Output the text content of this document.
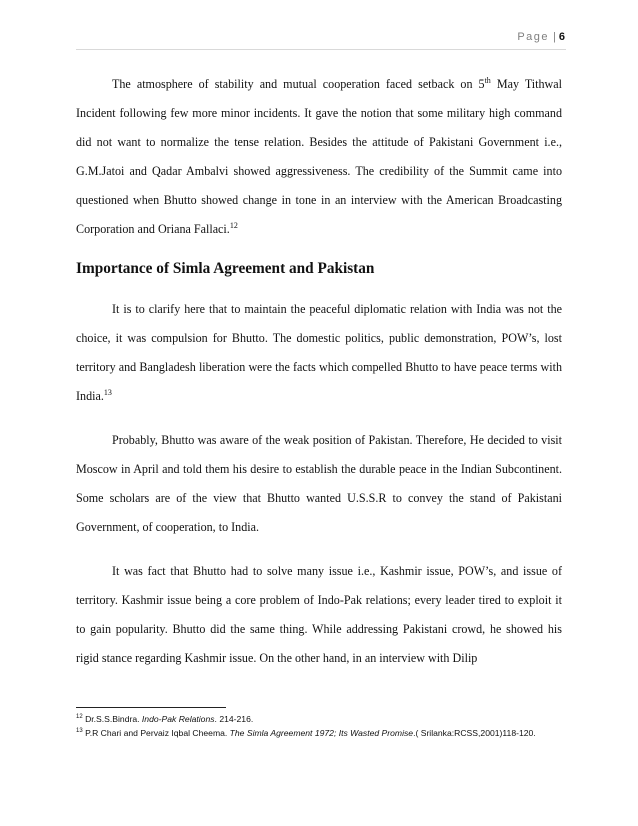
Page | 6

The atmosphere of stability and mutual cooperation faced setback on 5th May Tithwal Incident following few more minor incidents. It gave the notion that some military high command did not want to normalize the tense relation. Besides the attitude of Pakistani Government i.e., G.M.Jatoi and Qadar Ambalvi showed aggressiveness. The credibility of the Summit came into questioned when Bhutto showed change in tone in an interview with the American Broadcasting Corporation and Oriana Fallaci.$^{12}$

Importance of Simla Agreement and Pakistan

It is to clarify here that to maintain the peaceful diplomatic relation with India was not the choice, it was compulsion for Bhutto. The domestic politics, public demonstration, POW’s, lost territory and Bangladesh liberation were the facts which compelled Bhutto to have peace terms with India.$^{13}$

Probably, Bhutto was aware of the weak position of Pakistan. Therefore, He decided to visit Moscow in April and told them his desire to establish the durable peace in the Indian Subcontinent. Some scholars are of the view that Bhutto wanted U.S.S.R to convey the stand of Pakistani Government, of cooperation, to India.

It was fact that Bhutto had to solve many issue i.e., Kashmir issue, POW’s, and issue of territory. Kashmir issue being a core problem of Indo-Pak relations; every leader tired to exploit it to gain popularity. Bhutto did the same thing. While addressing Pakistani crowd, he showed his rigid stance regarding Kashmir issue. On the other hand, in an interview with Dilip

$^{12}$ Dr.S.S.Bindra. Indo-Pak Relations. 214-216.

$^{13}$ P.R Chari and Pervaiz Iqbal Cheema. The Simla Agreement 1972; Its Wasted Promise.( Srilanka:RCSS,2001)118-120.
